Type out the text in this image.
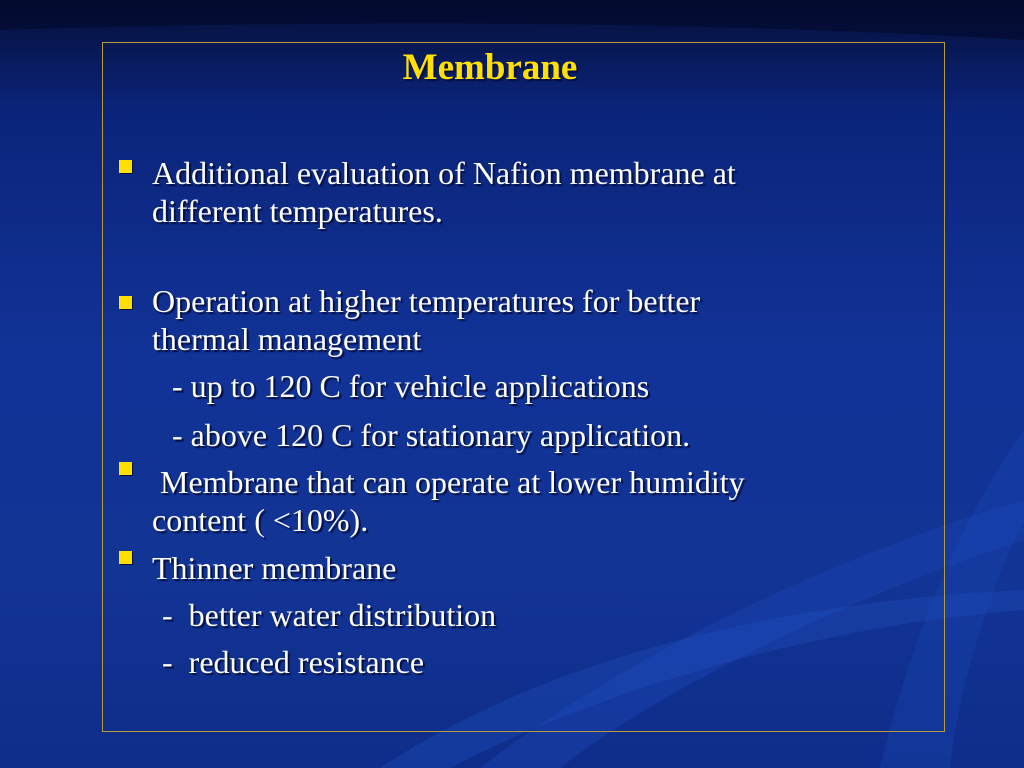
Membrane
Additional evaluation of Nafion membrane at
different temperatures.
Operation at higher temperatures for better
thermal management
- up to 120 C for vehicle applications
- above 120 C for stationary application.
Membrane that can operate at lower humidity
content ( <10%).
Thinner membrane
-  better water distribution
-  reduced resistance
